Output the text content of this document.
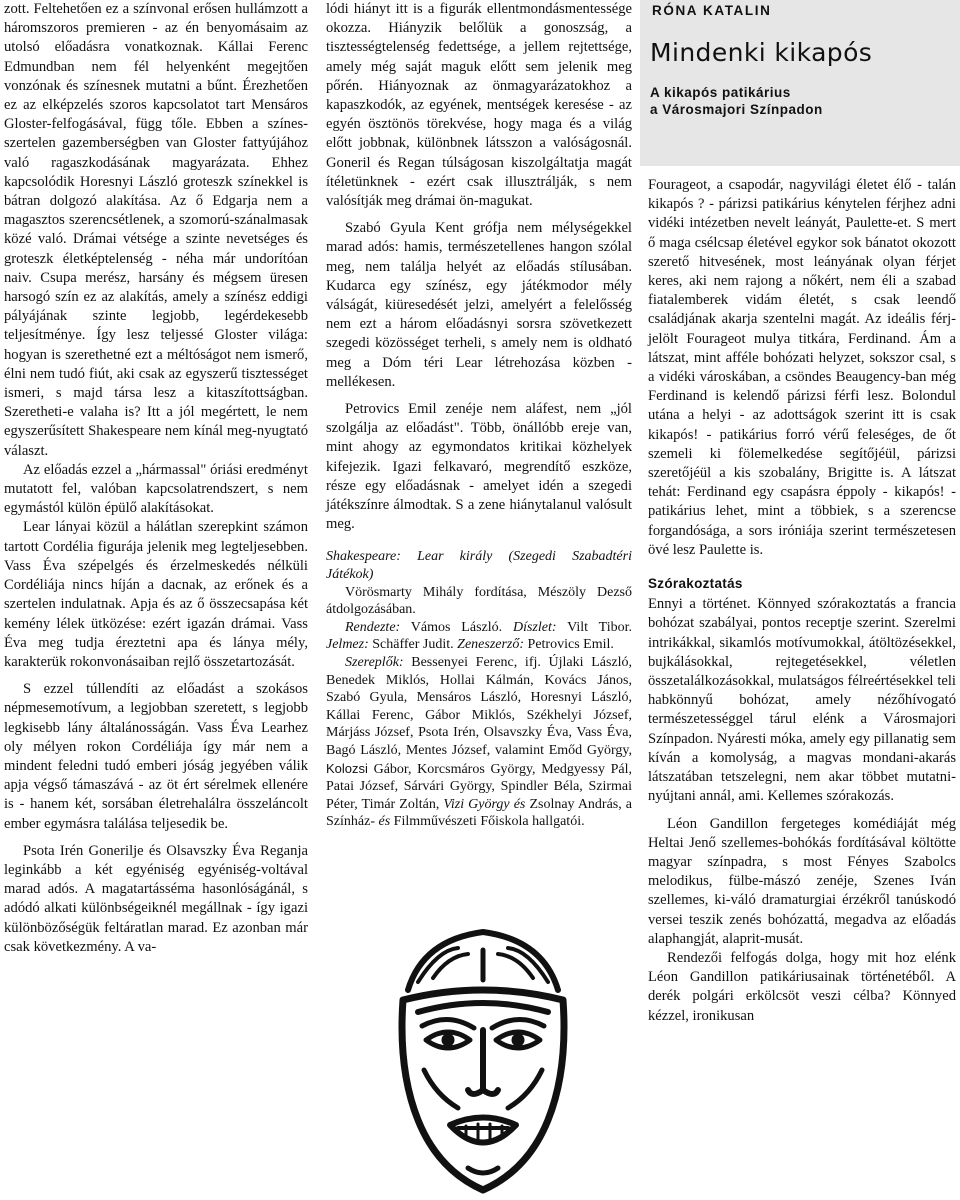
zott. Feltehetően ez a színvonal erősen hullámzott a háromszoros premieren - az én benyomásaim az utolsó előadásra vonatkoznak. Kállai Ferenc Edmundban nem fél helyenként megejtően vonzónak és színesnek mutatni a bűnt. Érezhetően ez az elképzelés szoros kapcsolatot tart Mensáros Gloster-felfogásával, függ tőle. Ebben a színes-szertelen gazemberségben van Gloster fattyújához való ragaszkodásának magyarázata. Ehhez kapcsolódik Horesnyi László groteszk színekkel is bátran dolgozó alakítása. Az ő Edgarja nem a magasztos szerencsétlenek, a szomorú-szánalmasak közé való. Drámai vétsége a szinte nevetséges és groteszk életképtelenség - néha már undorítóan naiv. Csupa merész, harsány és mégsem üresen harsogó szín ez az alakítás, amely a színész eddigi pályájának szinte legjobb, legérdekesebb teljesítménye. Így lesz teljessé Gloster világa: hogyan is szerethetné ezt a méltóságot nem ismerő, élni nem tudó fiút, aki csak az egyszerű tisztességet ismeri, s majd társa lesz a kitaszítottságban. Szeretheti-e valaha is? Itt a jól megértett, le nem egyszerűsített Shakespeare nem kínál meg-nyugtató választ.

Az előadás ezzel a „hármassal" óriási eredményt mutatott fel, valóban kapcsolatrendszert, s nem egymástól külön épülő alakításokat.

Lear lányai közül a hálátlan szerepkint számon tartott Cordélia figurája jelenik meg legteljesebben. Vass Éva szépelgés és érzelmeskedés nélküli Cordéliája nincs híján a dacnak, az erőnek és a szertelen indulatnak. Apja és az ő összecsapása két kemény lélek ütközése: ezért igazán drámai. Vass Éva meg tudja éreztetni apa és lánya mély, karakterük rokonvonásaiban rejlő összetartozását.

S ezzel túllendíti az előadást a szokásos népmesemotívum, a legjobban szeretett, s legjobb legkisebb lány általánosságán. Vass Éva Learhez oly mélyen rokon Cordéliája így már nem a mindent feledni tudó emberi jóság jegyében válik apja végső támaszává - az öt ért sérelmek ellenére is - hanem két, sorsában életrehalálra összeláncolt ember egymásra találása teljesedik be.

Psota Irén Gonerilje és Olsavszky Éva Reganja leginkább a két egyéniség egyéniség-voltával marad adós. A magatartásséma hasonlóságánál, s adódó alkati különbségeiknél megállnak - így igazi különbözőségük feltáratlan marad. Ez azonban már csak következmény. A va-

lódi hiányt itt is a figurák ellentmondásmentessége okozza. Hiányzik belőlük a gonoszság, a tisztességtelenség fedettsége, a jellem rejtettsége, amely még saját maguk előtt sem jelenik meg pőrén. Hiányoznak az önmagyarázatokhoz a kapaszkodók, az egyének, mentségek keresése - az egyén ösztönös törekvése, hogy maga és a világ előtt jobbnak, különbnek látsszon a valóságosnál. Goneril és Regan túlságosan kiszolgáltatja magát ítéletünknek - ezért csak illusztrálják, s nem valósítják meg drámai ön-magukat.

Szabó Gyula Kent grófja nem mélységekkel marad adós: hamis, természetellenes hangon szólal meg, nem találja helyét az előadás stílusában. Kudarca egy színész, egy játékmodor mély válságát, kiüresedését jelzi, amelyért a felelősség nem ezt a három előadásnyi sorsra szövetkezett szegedi közösséget terheli, s amely nem is oldható meg a Dóm téri Lear létrehozása közben - mellékesen.

Petrovics Emil zenéje nem aláfest, nem „jól szolgálja az előadást". Több, önállóbb ereje van, mint ahogy az egymondatos kritikai közhelyek kifejezik. Igazi felkavaró, megrendítő eszköze, része egy előadásnak - amelyet idén a szegedi játékszínre álmodtak. S a zene hiánytalanul valósult meg.

Shakespeare: Lear király (Szegedi Szabadtéri Játékok)

Vörösmarty Mihály fordítása, Mészöly Dezső átdolgozásában.

Rendezte: Vámos László. Díszlet: Vilt Tibor. Jelmez: Schäffer Judit. Zeneszerző: Petrovics Emil.

Szereplők: Bessenyei Ferenc, ifj. Újlaki László, Benedek Miklós, Hollai Kálmán, Kovács János, Szabó Gyula, Mensáros László, Horesnyi László, Kállai Ferenc, Gábor Miklós, Székhelyi József, Márjáss József, Psota Irén, Olsavszky Éva, Vass Éva, Bagó László, Mentes József, valamint Emőd György, Kolozsi Gábor, Korcsmáros György, Medgyessy Pál, Patai József, Sárvári György, Spindler Béla, Szirmai Péter, Timár Zoltán, Vizi György és Zsolnay András, a Színház- és Filmművészeti Főiskola hallgatói.

RÓNA KATALIN
Mindenki kikapós
A kikapós patikárius
a Városmajori Színpadon

Fourageot, a csapodár, nagyvilági életet élő - talán kikapós ? - párizsi patikárius kénytelen férjhez adni vidéki intézetben nevelt leányát, Paulette-et. S mert ő maga csélcsap életével egykor sok bánatot okozott szerető hitvesének, most leányának olyan férjet keres, aki nem rajong a nőkért, nem éli a szabad fiatalemberek vidám életét, s csak leendő családjának akarja szentelni magát. Az ideális férj-jelölt Fourageot mulya titkára, Ferdinand. Ám a látszat, mint afféle bohózati helyzet, sokszor csal, s a vidéki városkában, a csöndes Beaugency-ban még Ferdinand is kelendő párizsi férfi lesz. Bolondul utána a helyi - az adottságok szerint itt is csak kikapós! - patikárius forró vérű feleséges, de őt szemeli ki fölemelkedése segítőjéül, párizsi szeretőjéül a kis szobalány, Brigitte is. A látszat tehát: Ferdinand egy csapásra éppoly - kikapós! - patikárius lehet, mint a többiek, s a szerencse forgandósága, a sors iróniája szerint természetesen övé lesz Paulette is.

Szórakoztatás

Ennyi a történet. Könnyed szórakoztatás a francia bohózat szabályai, pontos receptje szerint. Szerelmi intrikákkal, sikamlós motívumokkal, átöltözésekkel, bujkálásokkal, rejtegetésekkel, véletlen összetalálkozásokkal, mulatságos félreértésekkel teli habkönnyű bohózat, amely nézőhívogató természetességgel tárul elénk a Városmajori Színpadon. Nyáresti móka, amely egy pillanatig sem kíván a komolyság, a magvas mondani-akarás látszatában tetszelegni, nem akar többet mutatni-nyújtani annál, ami. Kellemes szórakozás.

Léon Gandillon fergeteges komédiáját még Heltai Jenő szellemes-bohókás fordításával költötte magyar színpadra, s most Fényes Szabolcs melodikus, fülbe-mászó zenéje, Szenes Iván szellemes, ki-váló dramaturgiai érzékről tanúskodó versei teszik zenés bohózattá, megadva az előadás alaphangját, alaprit-musát.

Rendezői felfogás dolga, hogy mit hoz elénk Léon Gandillon patikáriusainak történetéből. A derék polgári erkölcsöt veszi célba? Könnyed kézzel, ironikusan
